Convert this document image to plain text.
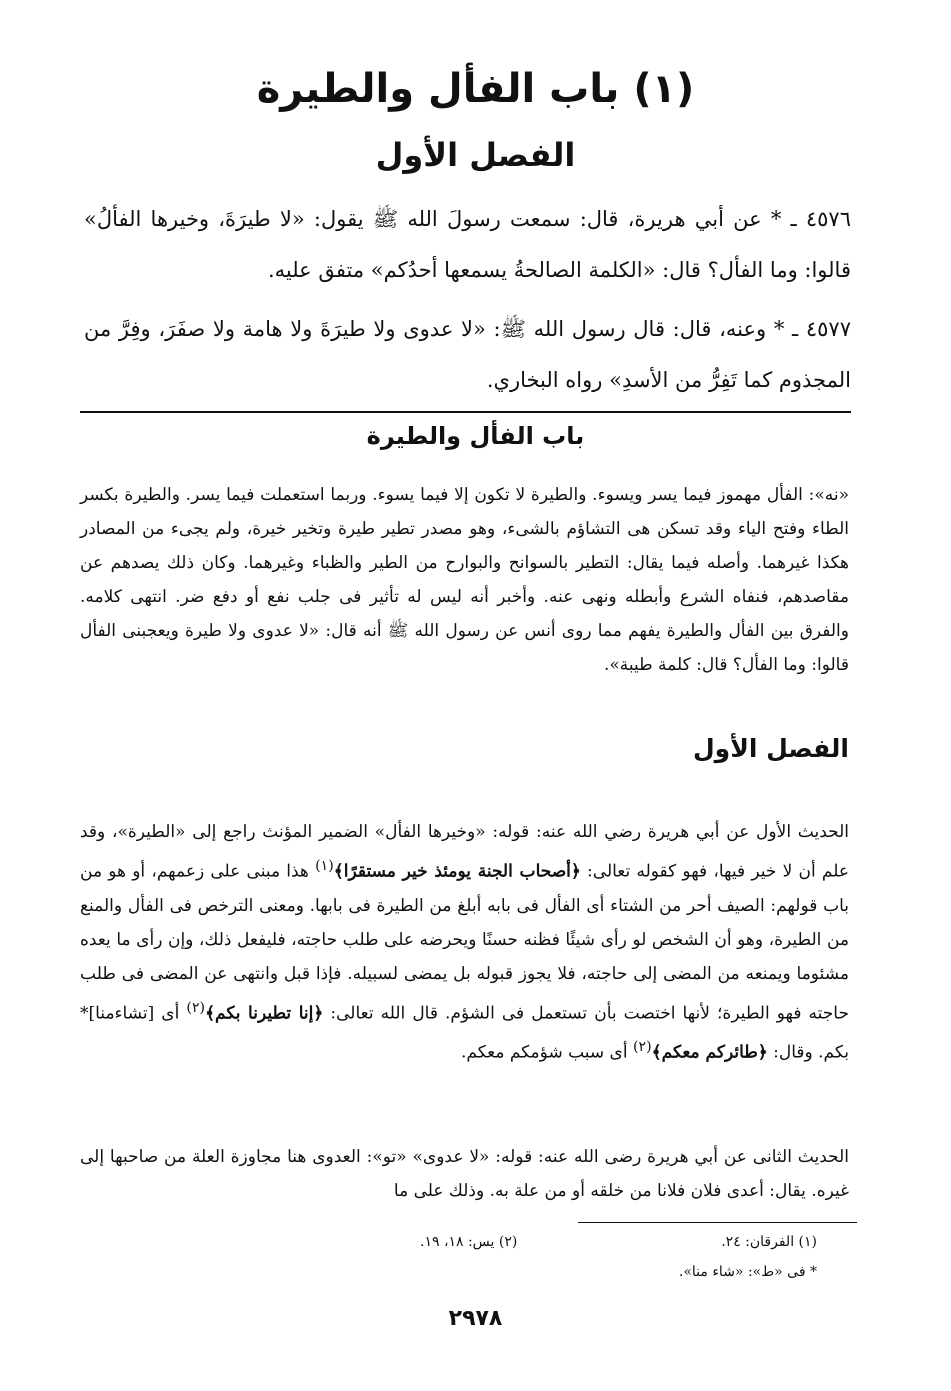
(١) باب الفأل والطيرة
الفصل الأول
٤٥٧٦ ـ * عن أبي هريرة، قال: سمعت رسولَ الله ﷺ يقول: «لا طيرَةَ، وخيرها الفألُ» قالوا: وما الفأل؟ قال: «الكلمة الصالحةُ يسمعها أحدُكم» متفق عليه.
٤٥٧٧ ـ * وعنه، قال: قال رسول الله ﷺ: «لا عدوى ولا طيرَةَ ولا هامة ولا صفَرَ، وفِرَّ من المجذوم كما تَفِرُّ من الأسدِ» رواه البخاري.
باب الفأل والطيرة
«نه»: الفأل مهموز فيما يسر ويسوء. والطيرة لا تكون إلا فيما يسوء. وربما استعملت فيما يسر. والطيرة بكسر الطاء وفتح الياء وقد تسكن هى التشاؤم بالشىء، وهو مصدر تطير طيرة وتخير خيرة، ولم يجىء من المصادر هكذا غيرهما. وأصله فيما يقال: التطير بالسوانح والبوارح من الطير والظباء وغيرهما. وكان ذلك يصدهم عن مقاصدهم، فنفاه الشرع وأبطله ونهى عنه. وأخبر أنه ليس له تأثير فى جلب نفع أو دفع ضر. انتهى كلامه. والفرق بين الفأل والطيرة يفهم مما روى أنس عن رسول الله ﷺ أنه قال: «لا عدوى ولا طيرة ويعجبنى الفأل قالوا: وما الفأل؟ قال: كلمة طيبة».
الفصل الأول
الحديث الأول عن أبي هريرة رضي الله عنه: قوله: «وخيرها الفأل» الضمير المؤنث راجع إلى «الطيرة»، وقد علم أن لا خير فيها، فهو كقوله تعالى: ﴿أصحاب الجنة يومئذ خير مستقرًا﴾$^{(١)}$ هذا مبنى على زعمهم، أو هو من باب قولهم: الصيف أحر من الشتاء أى الفأل فى بابه أبلغ من الطيرة فى بابها. ومعنى الترخص فى الفأل والمنع من الطيرة، وهو أن الشخص لو رأى شيئًا فظنه حسنًا ويحرضه على طلب حاجته، فليفعل ذلك، وإن رأى ما يعده مشئوما ويمنعه من المضى إلى حاجته، فلا يجوز قبوله بل يمضى لسبيله. فإذا قبل وانتهى عن المضى فى طلب حاجته فهو الطيرة؛ لأنها اختصت بأن تستعمل فى الشؤم. قال الله تعالى: ﴿إنا تطيرنا بكم﴾$^{(٢)}$ أى [تشاءمنا]* بكم. وقال: ﴿طائركم معكم﴾$^{(٢)}$ أى سبب شؤمكم معكم.
الحديث الثانى عن أبي هريرة رضى الله عنه: قوله: «لا عدوى» «تو»: العدوى هنا مجاوزة العلة من صاحبها إلى غيره. يقال: أعدى فلان فلانا من خلقه أو من علة به. وذلك على ما
(١) الفرقان: ٢٤.
(٢) يس: ١٨، ١٩.
* فى «ط»: «شاء منا».
٢٩٧٨
